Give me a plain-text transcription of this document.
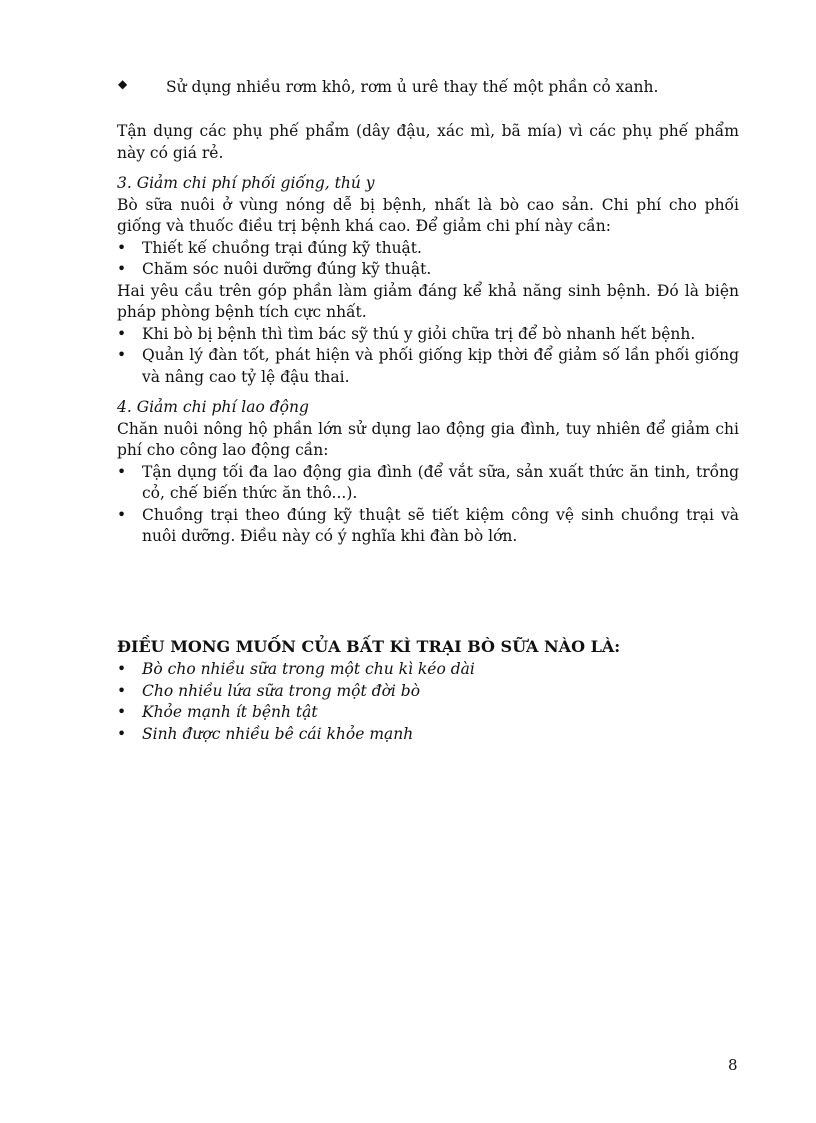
◆	Sử dụng nhiều rơm khô, rơm ủ urê thay thế một phần cỏ xanh.
Tận dụng các phụ phế phẩm (dây đậu, xác mì, bã mía) vì các phụ phế phẩm này có giá rẻ.
3. Giảm chi phí phối giống, thú y
Bò sữa nuôi ở vùng nóng dễ bị bệnh, nhất là bò cao sản. Chi phí cho phối giống và thuốc điều trị bệnh khá cao. Để giảm chi phí này cần:
•
Thiết kế chuồng trại đúng kỹ thuật.
•
Chăm sóc nuôi dưỡng đúng kỹ thuật.
Hai yêu cầu trên góp phần làm giảm đáng kể khả năng sinh bệnh. Đó là biện pháp phòng bệnh tích cực nhất.
•
Khi bò bị bệnh thì tìm bác sỹ thú y giỏi chữa trị để bò nhanh hết bệnh.
•
Quản lý đàn tốt, phát hiện và phối giống kịp thời để giảm số lần phối giống và nâng cao tỷ lệ đậu thai.
4. Giảm chi phí lao động
Chăn nuôi nông hộ phần lớn sử dụng lao động gia đình, tuy nhiên để giảm chi phí cho công lao động cần:
•
Tận dụng tối đa lao động gia đình (để vắt sữa, sản xuất thức ăn tinh, trồng cỏ, chế biến thức ăn thô...).
•
Chuồng trại theo đúng kỹ thuật sẽ tiết kiệm công vệ sinh chuồng trại và nuôi dưỡng. Điều này có ý nghĩa khi đàn bò lớn.
ĐIỀU MONG MUỐN CỦA BẤT KÌ TRẠI BÒ SỮA NÀO LÀ:
•
Bò cho nhiều sữa trong một chu kì kéo dài
•
Cho nhiều lứa sữa trong một đời bò
•
Khỏe mạnh ít bệnh tật
•
Sinh được nhiều bê cái khỏe mạnh
8
